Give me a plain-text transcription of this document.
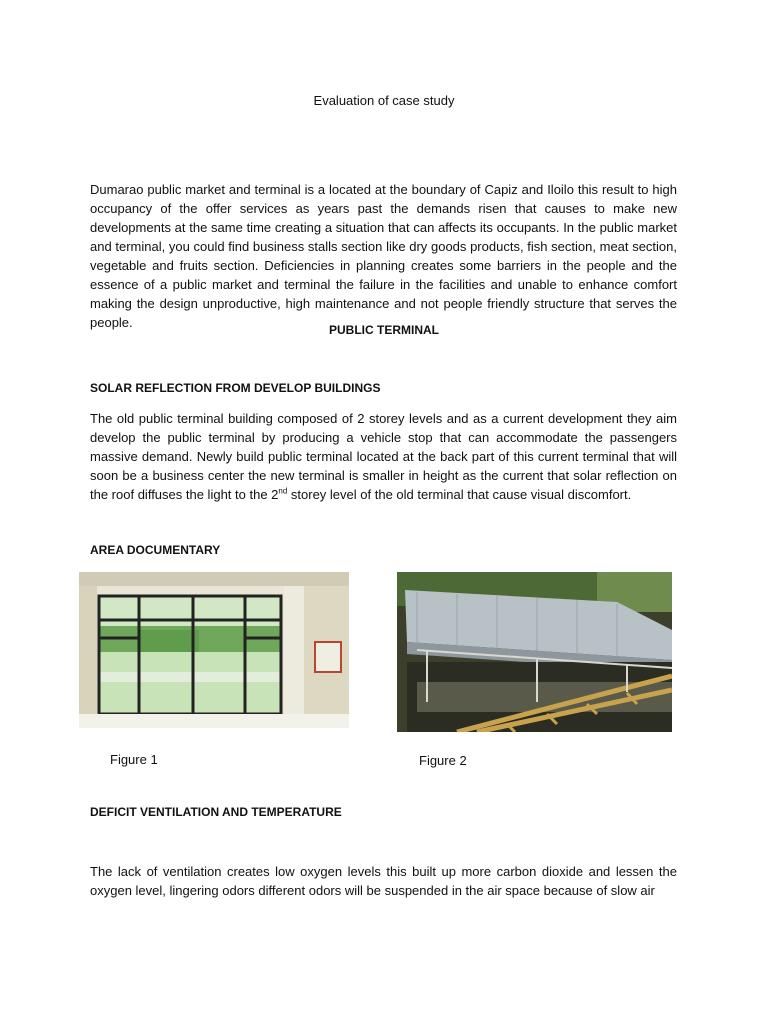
Evaluation of case study

Dumarao public market and terminal is a located at the boundary of Capiz and Iloilo this result to high occupancy of the offer services as years past the demands risen that causes to make new developments at the same time creating a situation that can affects its occupants. In the public market and terminal, you could find business stalls section like dry goods products, fish section, meat section, vegetable and fruits section. Deficiencies in planning creates some barriers in the people and the essence of a public market and terminal the failure in the facilities and unable to enhance comfort making the design unproductive, high maintenance and not people friendly structure that serves the people.	PUBLIC TERMINAL
SOLAR REFLECTION FROM DEVELOP BUILDINGS

The old public terminal building composed of 2 storey levels and as a current development they aim develop the public terminal by producing a vehicle stop that can accommodate the passengers massive demand. Newly build public terminal located at the back part of this current terminal that will soon be a business center the new terminal is smaller in height as the current that solar reflection on the roof diffuses the light to the 2nd storey level of the old terminal that cause visual discomfort.

AREA DOCUMENTARY
Figure 1	Figure 2
DEFICIT VENTILATION AND TEMPERATURE

The lack of ventilation creates low oxygen levels this built up more carbon dioxide and lessen the oxygen level, lingering odors different odors will be suspended in the air space because of slow air
